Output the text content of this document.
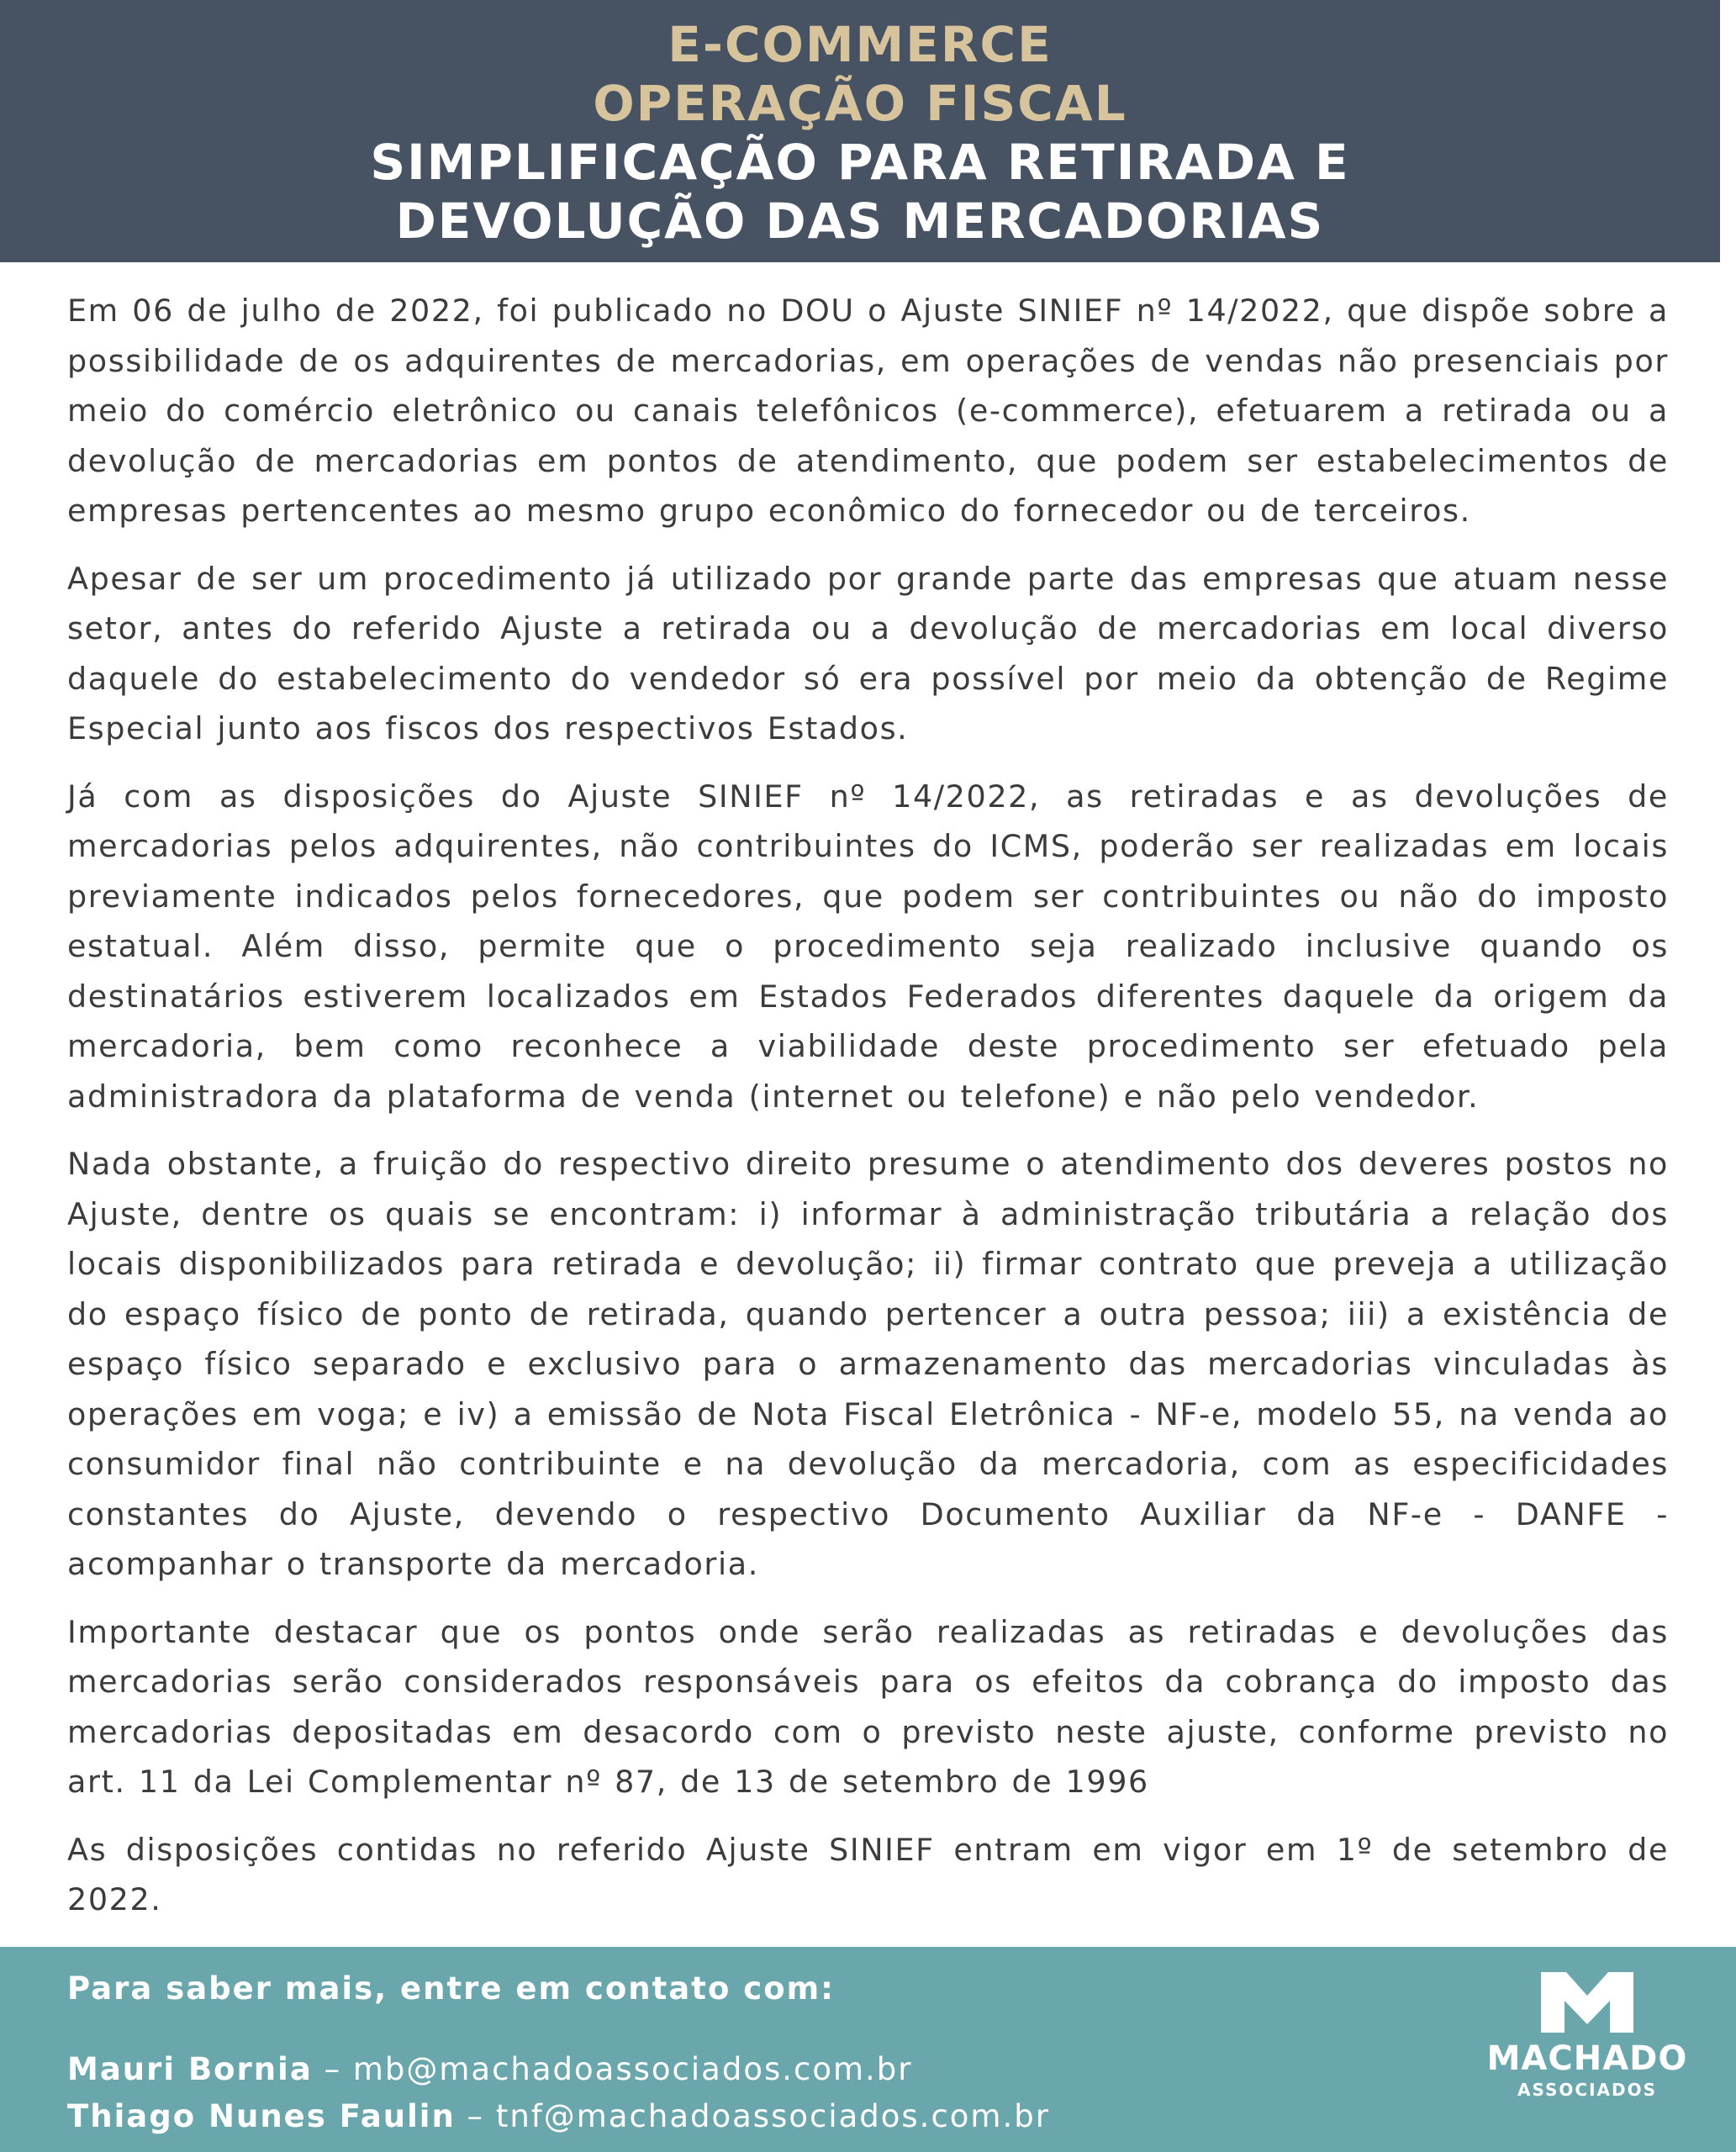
E-COMMERCE
OPERAÇÃO FISCAL
SIMPLIFICAÇÃO PARA RETIRADA E
DEVOLUÇÃO DAS MERCADORIAS

Em 06 de julho de 2022, foi publicado no DOU o Ajuste SINIEF nº 14/2022, que dispõe sobre a possibilidade de os adquirentes de mercadorias, em operações de vendas não presenciais por meio do comércio eletrônico ou canais telefônicos (e-commerce), efetuarem a retirada ou a devolução de mercadorias em pontos de atendimento, que podem ser estabelecimentos de empresas pertencentes ao mesmo grupo econômico do fornecedor ou de terceiros.

Apesar de ser um procedimento já utilizado por grande parte das empresas que atuam nesse setor, antes do referido Ajuste a retirada ou a devolução de mercadorias em local diverso daquele do estabelecimento do vendedor só era possível por meio da obtenção de Regime Especial junto aos fiscos dos respectivos Estados.

Já com as disposições do Ajuste SINIEF nº 14/2022, as retiradas e as devoluções de mercadorias pelos adquirentes, não contribuintes do ICMS, poderão ser realizadas em locais previamente indicados pelos fornecedores, que podem ser contribuintes ou não do imposto estatual. Além disso, permite que o procedimento seja realizado inclusive quando os destinatários estiverem localizados em Estados Federados diferentes daquele da origem da mercadoria, bem como reconhece a viabilidade deste procedimento ser efetuado pela administradora da plataforma de venda (internet ou telefone) e não pelo vendedor.

Nada obstante, a fruição do respectivo direito presume o atendimento dos deveres postos no Ajuste, dentre os quais se encontram: i) informar à administração tributária a relação dos locais disponibilizados para retirada e devolução; ii) firmar contrato que preveja a utilização do espaço físico de ponto de retirada, quando pertencer a outra pessoa; iii) a existência de espaço físico separado e exclusivo para o armazenamento das mercadorias vinculadas às operações em voga; e iv) a emissão de Nota Fiscal Eletrônica - NF-e, modelo 55, na venda ao consumidor final não contribuinte e na devolução da mercadoria, com as especificidades constantes do Ajuste, devendo o respectivo Documento Auxiliar da NF-e - DANFE - acompanhar o transporte da mercadoria.

Importante destacar que os pontos onde serão realizadas as retiradas e devoluções das mercadorias serão considerados responsáveis para os efeitos da cobrança do imposto das mercadorias depositadas em desacordo com o previsto neste ajuste, conforme previsto no art. 11 da Lei Complementar nº 87, de 13 de setembro de 1996

As disposições contidas no referido Ajuste SINIEF entram em vigor em 1º de setembro de 2022.

Para saber mais, entre em contato com:
Mauri Bornia – mb@machadoassociados.com.br
Thiago Nunes Faulin – tnf@machadoassociados.com.br
MACHADO
ASSOCIADOS
